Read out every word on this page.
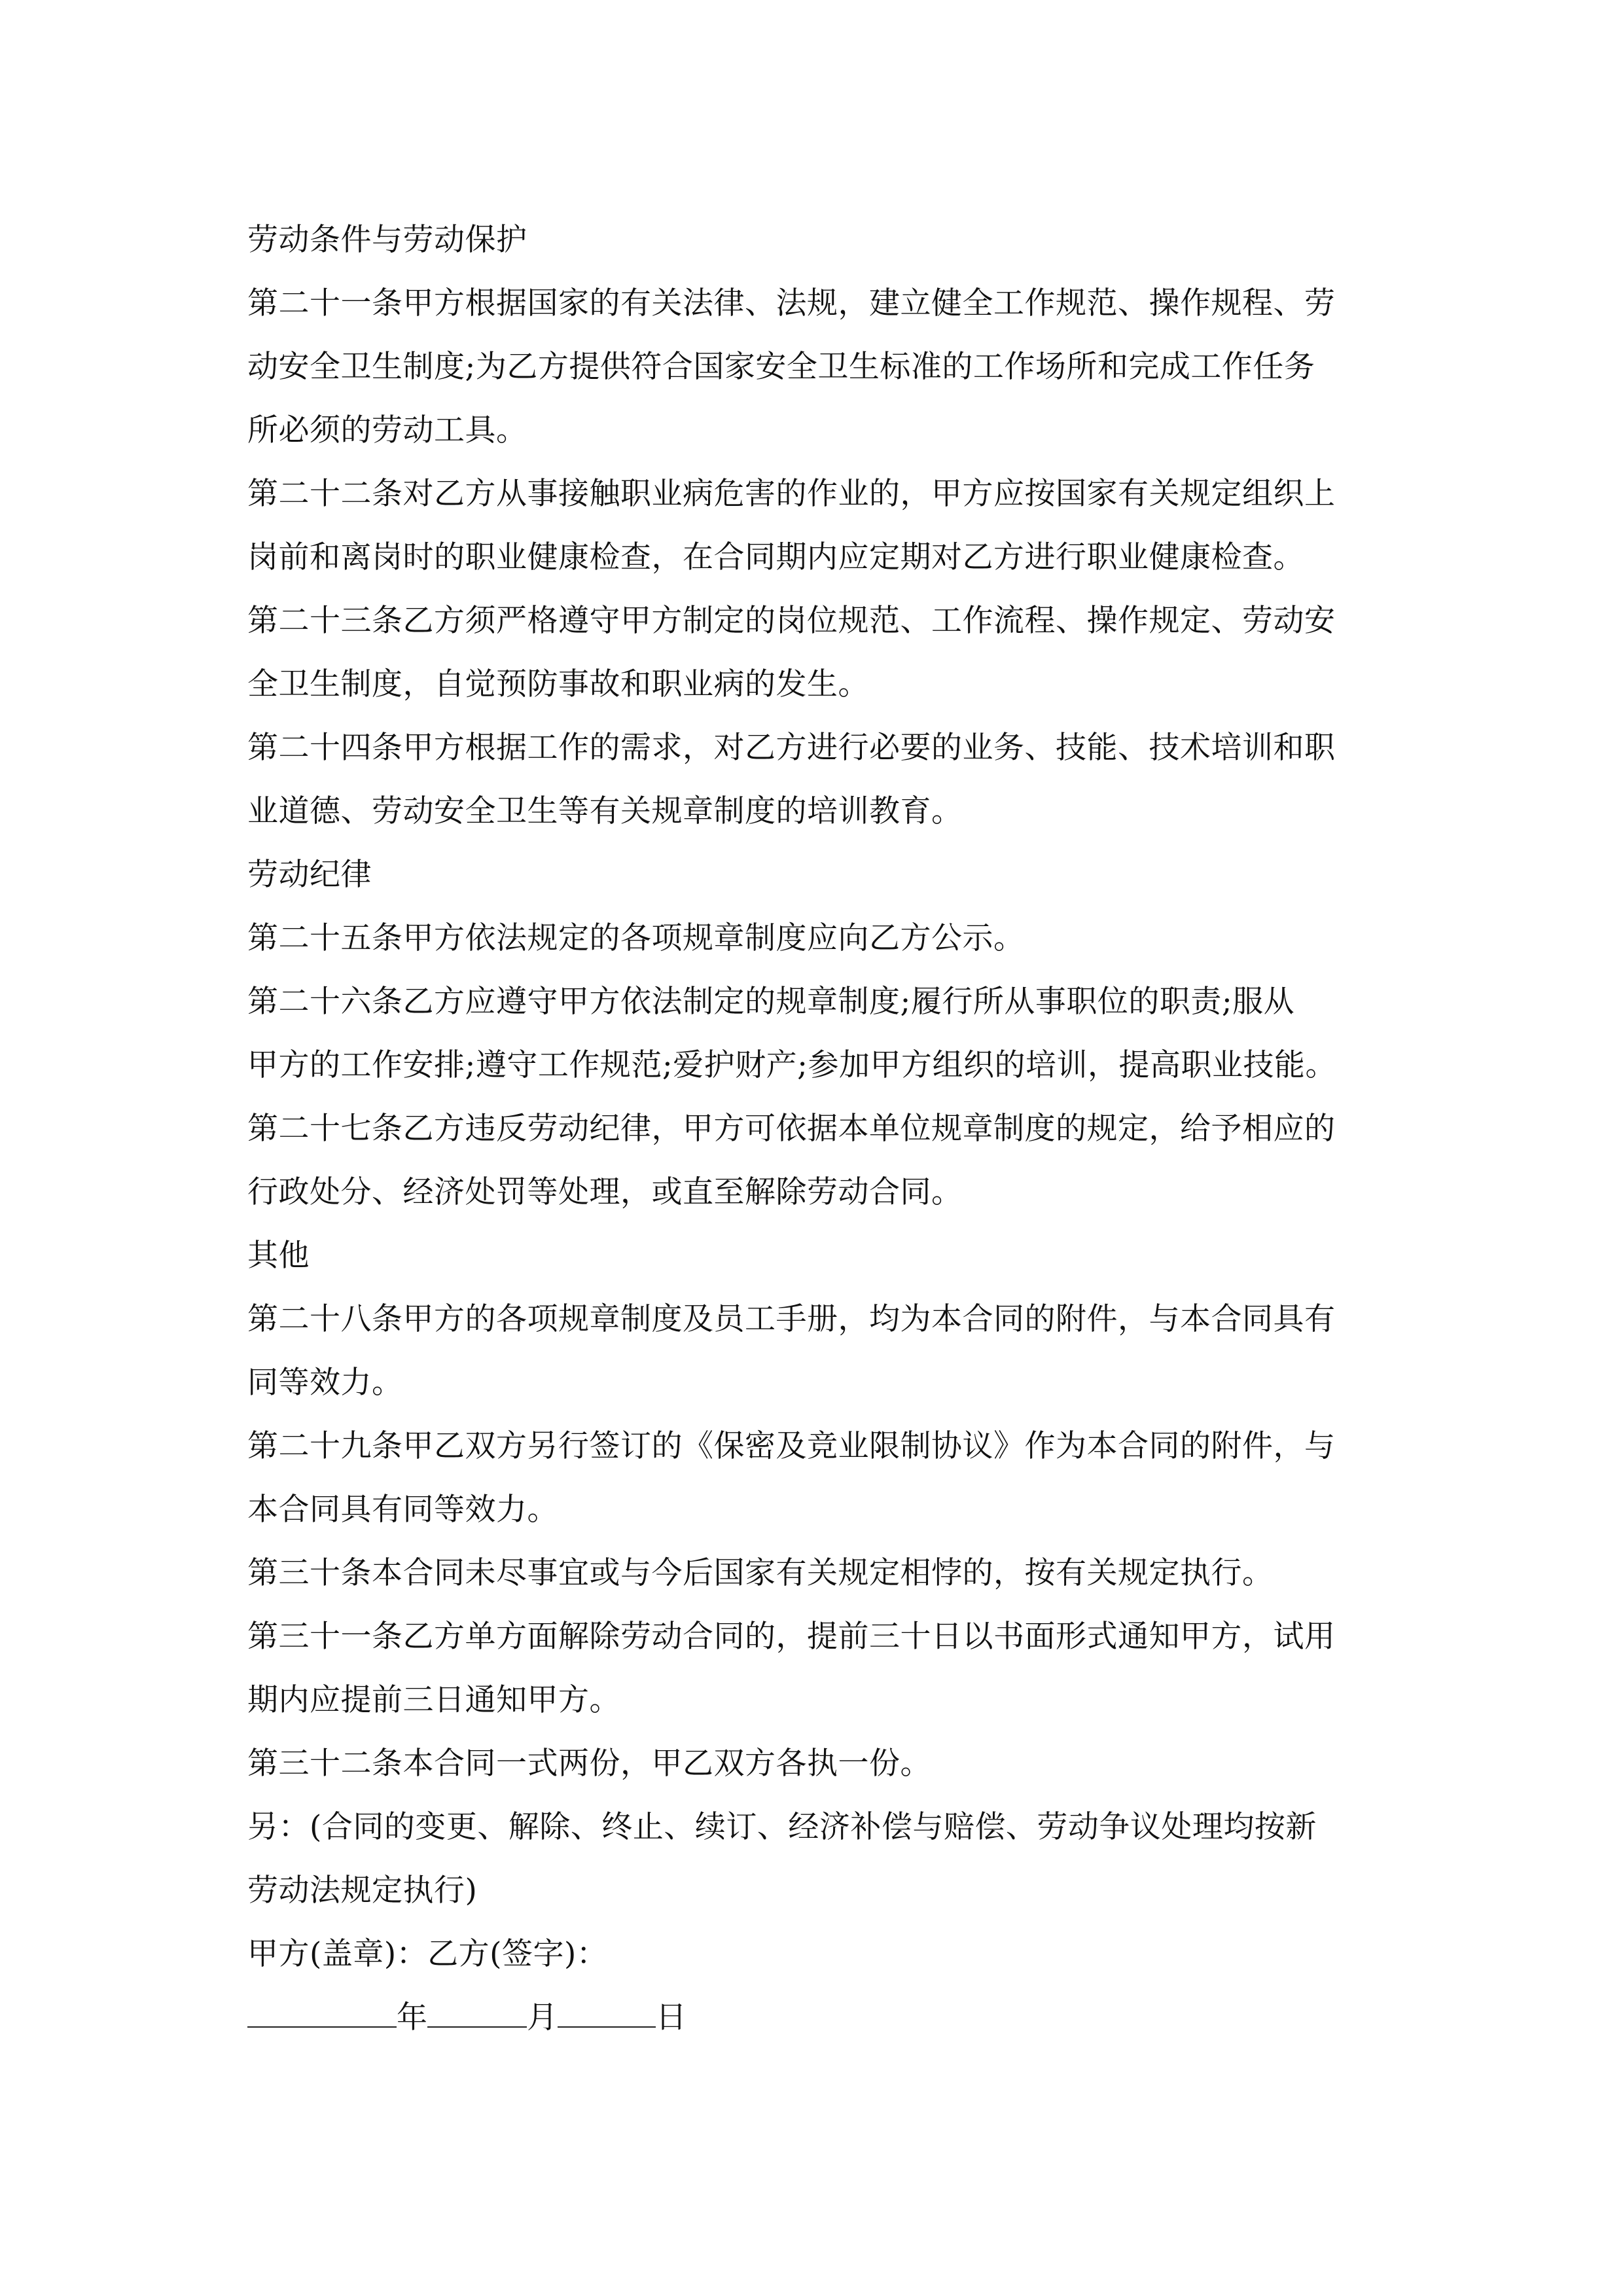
劳动条件与劳动保护
第二十一条甲方根据国家的有关法律、法规，建立健全工作规范、操作规程、劳
动安全卫生制度;为乙方提供符合国家安全卫生标准的工作场所和完成工作任务
所必须的劳动工具。
第二十二条对乙方从事接触职业病危害的作业的，甲方应按国家有关规定组织上
岗前和离岗时的职业健康检查，在合同期内应定期对乙方进行职业健康检查。
第二十三条乙方须严格遵守甲方制定的岗位规范、工作流程、操作规定、劳动安
全卫生制度，自觉预防事故和职业病的发生。
第二十四条甲方根据工作的需求，对乙方进行必要的业务、技能、技术培训和职
业道德、劳动安全卫生等有关规章制度的培训教育。
劳动纪律
第二十五条甲方依法规定的各项规章制度应向乙方公示。
第二十六条乙方应遵守甲方依法制定的规章制度;履行所从事职位的职责;服从
甲方的工作安排;遵守工作规范;爱护财产;参加甲方组织的培训，提高职业技能。
第二十七条乙方违反劳动纪律，甲方可依据本单位规章制度的规定，给予相应的
行政处分、经济处罚等处理，或直至解除劳动合同。
其他
第二十八条甲方的各项规章制度及员工手册，均为本合同的附件，与本合同具有
同等效力。
第二十九条甲乙双方另行签订的《保密及竞业限制协议》作为本合同的附件，与
本合同具有同等效力。
第三十条本合同未尽事宜或与今后国家有关规定相悖的，按有关规定执行。
第三十一条乙方单方面解除劳动合同的，提前三十日以书面形式通知甲方，试用
期内应提前三日通知甲方。
第三十二条本合同一式两份，甲乙双方各执一份。
另：(合同的变更、解除、终止、续订、经济补偿与赔偿、劳动争议处理均按新
劳动法规定执行)
甲方(盖章)：乙方(签字)：
年	月	日
